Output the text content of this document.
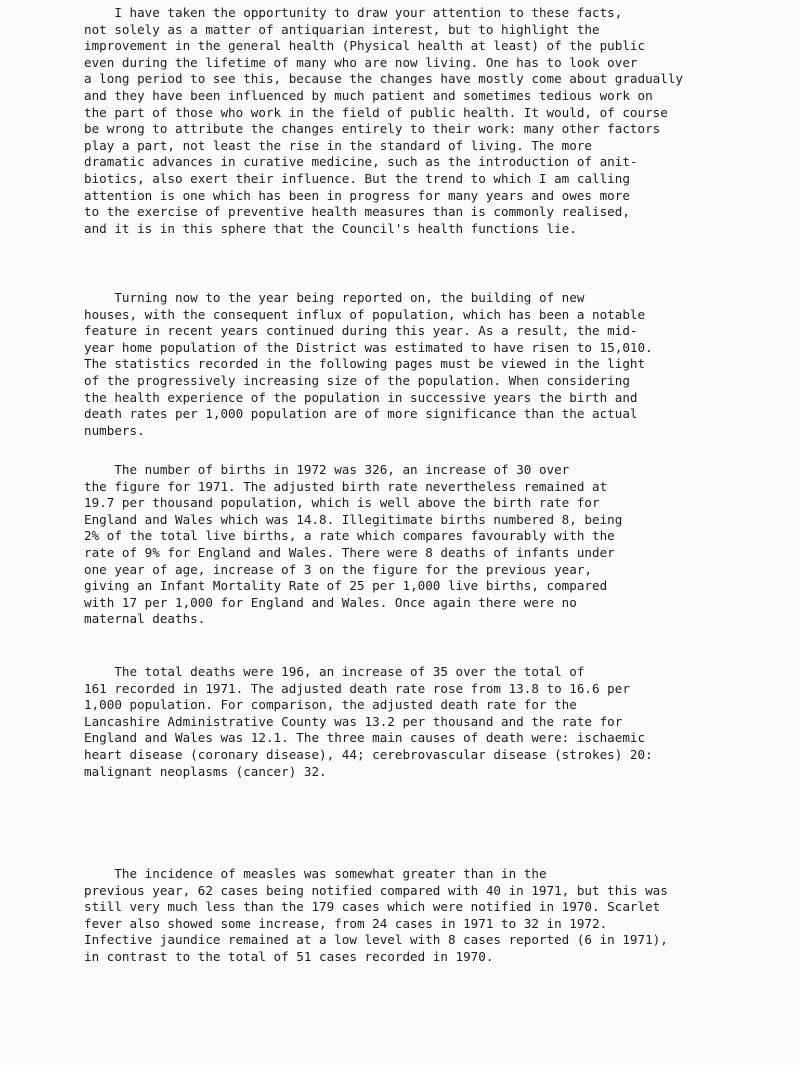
I have taken the opportunity to draw your attention to these facts,
not solely as a matter of antiquarian interest, but to highlight the
improvement in the general health (Physical health at least) of the public
even during the lifetime of many who are now living. One has to look over
a long period to see this, because the changes have mostly come about gradually
and they have been influenced by much patient and sometimes tedious work on
the part of those who work in the field of public health. It would, of course
be wrong to attribute the changes entirely to their work: many other factors
play a part, not least the rise in the standard of living. The more
dramatic advances in curative medicine, such as the introduction of anit-
biotics, also exert their influence. But the trend to which I am calling
attention is one which has been in progress for many years and owes more
to the exercise of preventive health measures than is commonly realised,
and it is in this sphere that the Council's health functions lie.

Turning now to the year being reported on, the building of new
houses, with the consequent influx of population, which has been a notable
feature in recent years continued during this year. As a result, the mid-
year home population of the District was estimated to have risen to 15,010.
The statistics recorded in the following pages must be viewed in the light
of the progressively increasing size of the population. When considering
the health experience of the population in successive years the birth and
death rates per 1,000 population are of more significance than the actual
numbers.

The number of births in 1972 was 326, an increase of 30 over
the figure for 1971. The adjusted birth rate nevertheless remained at
19.7 per thousand population, which is well above the birth rate for
England and Wales which was 14.8. Illegitimate births numbered 8, being
2% of the total live births, a rate which compares favourably with the
rate of 9% for England and Wales. There were 8 deaths of infants under
one year of age, increase of 3 on the figure for the previous year,
giving an Infant Mortality Rate of 25 per 1,000 live births, compared
with 17 per 1,000 for England and Wales. Once again there were no
maternal deaths.

The total deaths were 196, an increase of 35 over the total of
161 recorded in 1971. The adjusted death rate rose from 13.8 to 16.6 per
1,000 population. For comparison, the adjusted death rate for the
Lancashire Administrative County was 13.2 per thousand and the rate for
England and Wales was 12.1. The three main causes of death were: ischaemic
heart disease (coronary disease), 44; cerebrovascular disease (strokes) 20:
malignant neoplasms (cancer) 32.

The incidence of measles was somewhat greater than in the
previous year, 62 cases being notified compared with 40 in 1971, but this was
still very much less than the 179 cases which were notified in 1970. Scarlet
fever also showed some increase, from 24 cases in 1971 to 32 in 1972.
Infective jaundice remained at a low level with 8 cases reported (6 in 1971),
in contrast to the total of 51 cases recorded in 1970.
